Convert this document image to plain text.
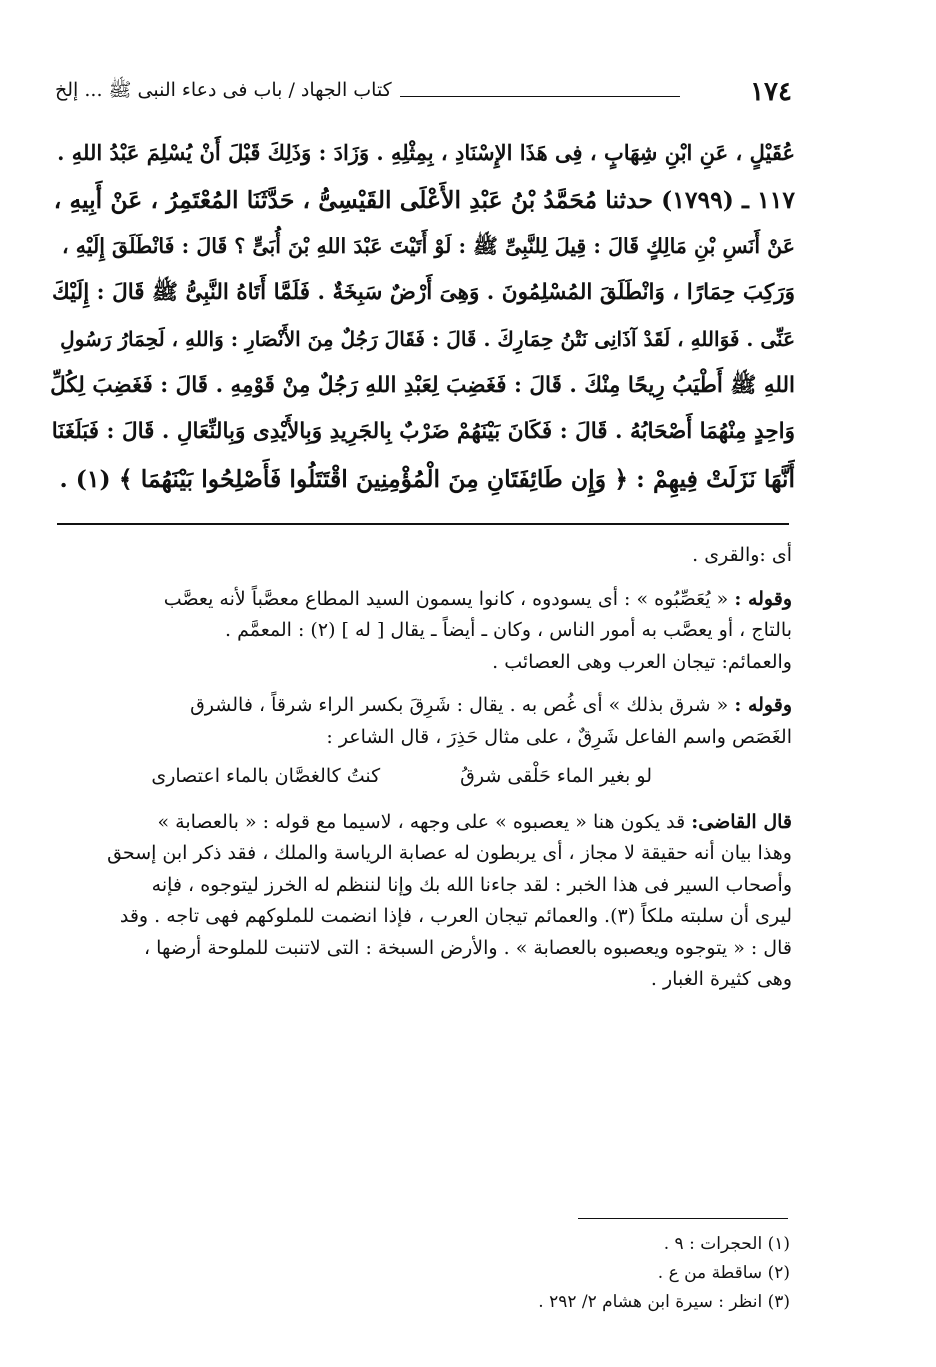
١٧٤
كتاب الجهاد / باب فى دعاء النبى ﷺ ... إلخ
عُقَيْلٍ ، عَنِ ابْنِ شِهَابٍ ، فِى هَذَا الإِسْنَادِ ، بِمِثْلِهِ . وَزَادَ : وَذَلِكَ قَبْلَ أَنْ يُسْلِمَ عَبْدُ اللهِ .
١١٧ ـ (١٧٩٩) حدثنا مُحَمَّدُ بْنُ عَبْدِ الأَعْلَى القَيْسِىُّ ، حَدَّثَنَا المُعْتَمِرُ ، عَنْ أَبِيهِ ،
عَنْ أَنَسِ بْنِ مَالِكٍ قَالَ : قِيلَ لِلنَّبِىِّ ﷺ : لَوْ أَتَيْتَ عَبْدَ اللهِ بْنَ أُبَىٍّ ؟ قَالَ : فَانْطَلَقَ إِلَيْهِ ،
وَرَكِبَ حِمَارًا ، وَانْطَلَقَ المُسْلِمُونَ . وَهِىَ أَرْضٌ سَبِخَةٌ . فَلَمَّا أَتَاهُ النَّبِىُّ ﷺ قَالَ : إِلَيْكَ
عَنِّى . فَوَاللهِ ، لَقَدْ آذَانِى نَتْنُ حِمَارِكَ . قَالَ : فَقَالَ رَجُلٌ مِنَ الأَنْصَارِ : وَاللهِ ، لَحِمَارُ رَسُولِ
اللهِ ﷺ أَطْيَبُ رِيحًا مِنْكَ . قَالَ : فَغَضِبَ لِعَبْدِ اللهِ رَجُلٌ مِنْ قَوْمِهِ . قَالَ : فَغَضِبَ لِكُلِّ
وَاحِدٍ مِنْهُمَا أَصْحَابُهُ . قَالَ : فَكَانَ بَيْنَهُمْ ضَرْبٌ بِالجَرِيدِ وَبِالأَيْدِى وَبِالنِّعَالِ . قَالَ : فَبَلَغَنَا
أَنَّهَا نَزَلَتْ فِيهِمْ : ﴿ وَإِن طَائِفَتَانِ مِنَ الْمُؤْمِنِينَ اقْتَتَلُوا فَأَصْلِحُوا بَيْنَهُمَا ﴾ (١) .
أى :والقرى .
وقوله : « يُعَصِّبُوه » : أى يسودوه ، كانوا يسمون السيد المطاع معصَّباً لأنه يعصَّب
بالتاج ، أو يعصَّب به أمور الناس ، وكان ـ أيضاً ـ يقال [ له ] (٢) : المعمَّم .
والعمائم: تيجان العرب وهى العصائب .
وقوله : « شرق بذلك » أى غُص به . يقال : شَرِقَ بكسر الراء شرقاً ، فالشرق
الغَصَص واسم الفاعل شَرِقٌ ، على مثال حَذِرَ ، قال الشاعر :
لو بغير الماء حَلْقى شرقُ
كنتُ كالغصَّان بالماء اعتصارى
قال القاضى: قد يكون هنا « يعصبوه » على وجهه ، لاسيما مع قوله : « بالعصابة »
وهذا بيان أنه حقيقة لا مجاز ، أى يربطون له عصابة الرياسة والملك ، فقد ذكر ابن إسحق
وأصحاب السير فى هذا الخبر : لقد جاءنا الله بك وإنا لننظم له الخرز ليتوجوه ، فإنه
ليرى أن سلبته ملكاً (٣). والعمائم تيجان العرب ، فإذا انضمت للملوكهم فهى تاجه . وقد
قال : « يتوجوه ويعصبوه بالعصابة » . والأرض السبخة : التى لاتنبت للملوحة أرضها ،
وهى كثيرة الغبار .
(١) الحجرات : ٩ .
(٢) ساقطة من ع .
(٣) انظر : سيرة ابن هشام ٢/ ٢٩٢ .
